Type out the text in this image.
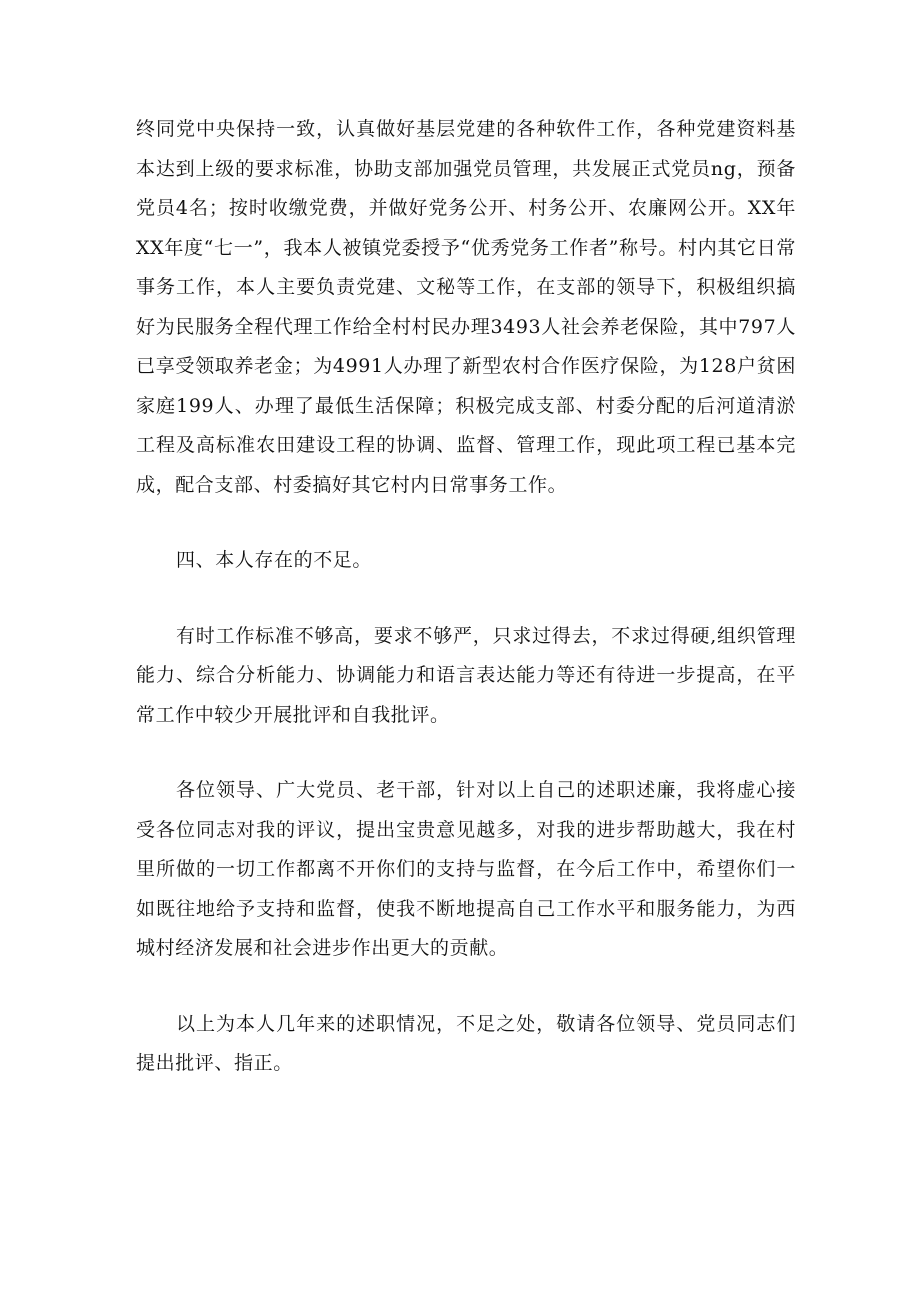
终同党中央保持一致，认真做好基层党建的各种软件工作，各种党建资料基本达到上级的要求标准，协助支部加强党员管理，共发展正式党员ng，预备党员4名；按时收缴党费，并做好党务公开、村务公开、农廉网公开。XX年XX年度“七一”，我本人被镇党委授予“优秀党务工作者”称号。村内其它日常事务工作，本人主要负责党建、文秘等工作，在支部的领导下，积极组织搞好为民服务全程代理工作给全村村民办理3493人社会养老保险，其中797人已享受领取养老金；为4991人办理了新型农村合作医疗保险，为128户贫困家庭199人、办理了最低生活保障；积极完成支部、村委分配的后河道清淤工程及高标准农田建设工程的协调、监督、管理工作，现此项工程已基本完成，配合支部、村委搞好其它村内日常事务工作。

四、本人存在的不足。

有时工作标准不够高，要求不够严，只求过得去，不求过得硬,组织管理能力、综合分析能力、协调能力和语言表达能力等还有待进一步提高，在平常工作中较少开展批评和自我批评。

各位领导、广大党员、老干部，针对以上自己的述职述廉，我将虚心接受各位同志对我的评议，提出宝贵意见越多，对我的进步帮助越大，我在村里所做的一切工作都离不开你们的支持与监督，在今后工作中，希望你们一如既往地给予支持和监督，使我不断地提高自己工作水平和服务能力，为西城村经济发展和社会进步作出更大的贡献。

以上为本人几年来的述职情况，不足之处，敬请各位领导、党员同志们提出批评、指正。
